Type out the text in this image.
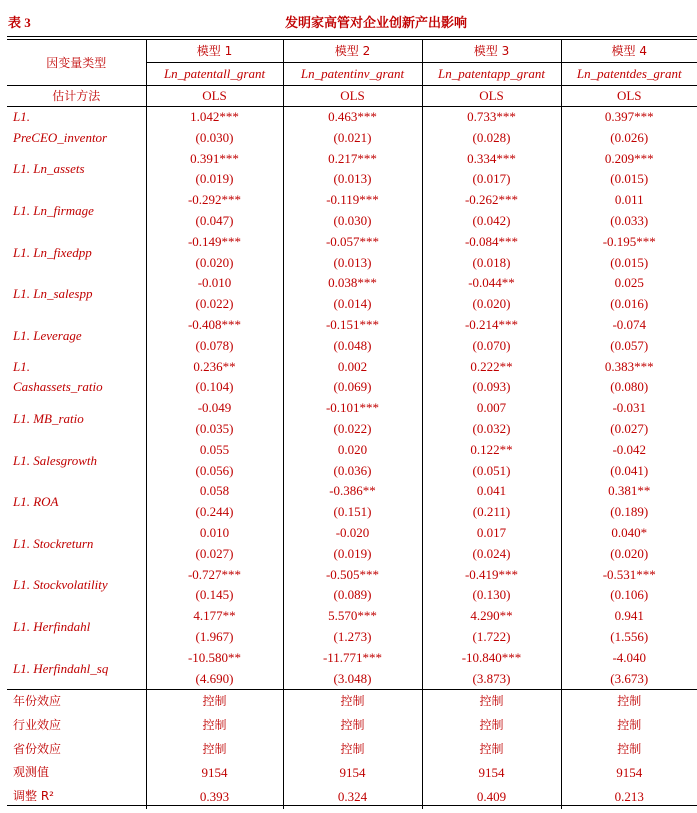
表 3	发明家高管对企业创新产出影响
因变量类型	模型 1	模型 2	模型 3	模型 4
	Ln_patentall_grant	Ln_patentinv_grant	Ln_patentapp_grant	Ln_patentdes_grant
估计方法	OLS	OLS	OLS	OLS
L1.	1.042***	0.463***	0.733***	0.397***
PreCEO_inventor	(0.030)	(0.021)	(0.028)	(0.026)
L1. Ln_assets	0.391***	0.217***	0.334***	0.209***
	(0.019)	(0.013)	(0.017)	(0.015)
L1. Ln_firmage	-0.292***	-0.119***	-0.262***	0.011
	(0.047)	(0.030)	(0.042)	(0.033)
L1. Ln_fixedpp	-0.149***	-0.057***	-0.084***	-0.195***
	(0.020)	(0.013)	(0.018)	(0.015)
L1. Ln_salespp	-0.010	0.038***	-0.044**	0.025
	(0.022)	(0.014)	(0.020)	(0.016)
L1. Leverage	-0.408***	-0.151***	-0.214***	-0.074
	(0.078)	(0.048)	(0.070)	(0.057)
L1.	0.236**	0.002	0.222**	0.383***
Cashassets_ratio	(0.104)	(0.069)	(0.093)	(0.080)
L1. MB_ratio	-0.049	-0.101***	0.007	-0.031
	(0.035)	(0.022)	(0.032)	(0.027)
L1. Salesgrowth	0.055	0.020	0.122**	-0.042
	(0.056)	(0.036)	(0.051)	(0.041)
L1. ROA	0.058	-0.386**	0.041	0.381**
	(0.244)	(0.151)	(0.211)	(0.189)
L1. Stockreturn	0.010	-0.020	0.017	0.040*
	(0.027)	(0.019)	(0.024)	(0.020)
L1. Stockvolatility	-0.727***	-0.505***	-0.419***	-0.531***
	(0.145)	(0.089)	(0.130)	(0.106)
L1. Herfindahl	4.177**	5.570***	4.290**	0.941
	(1.967)	(1.273)	(1.722)	(1.556)
L1. Herfindahl_sq	-10.580**	-11.771***	-10.840***	-4.040
	(4.690)	(3.048)	(3.873)	(3.673)
年份效应	控制	控制	控制	控制
行业效应	控制	控制	控制	控制
省份效应	控制	控制	控制	控制
观测值	9154	9154	9154	9154
调整 R²	0.393	0.324	0.409	0.213
